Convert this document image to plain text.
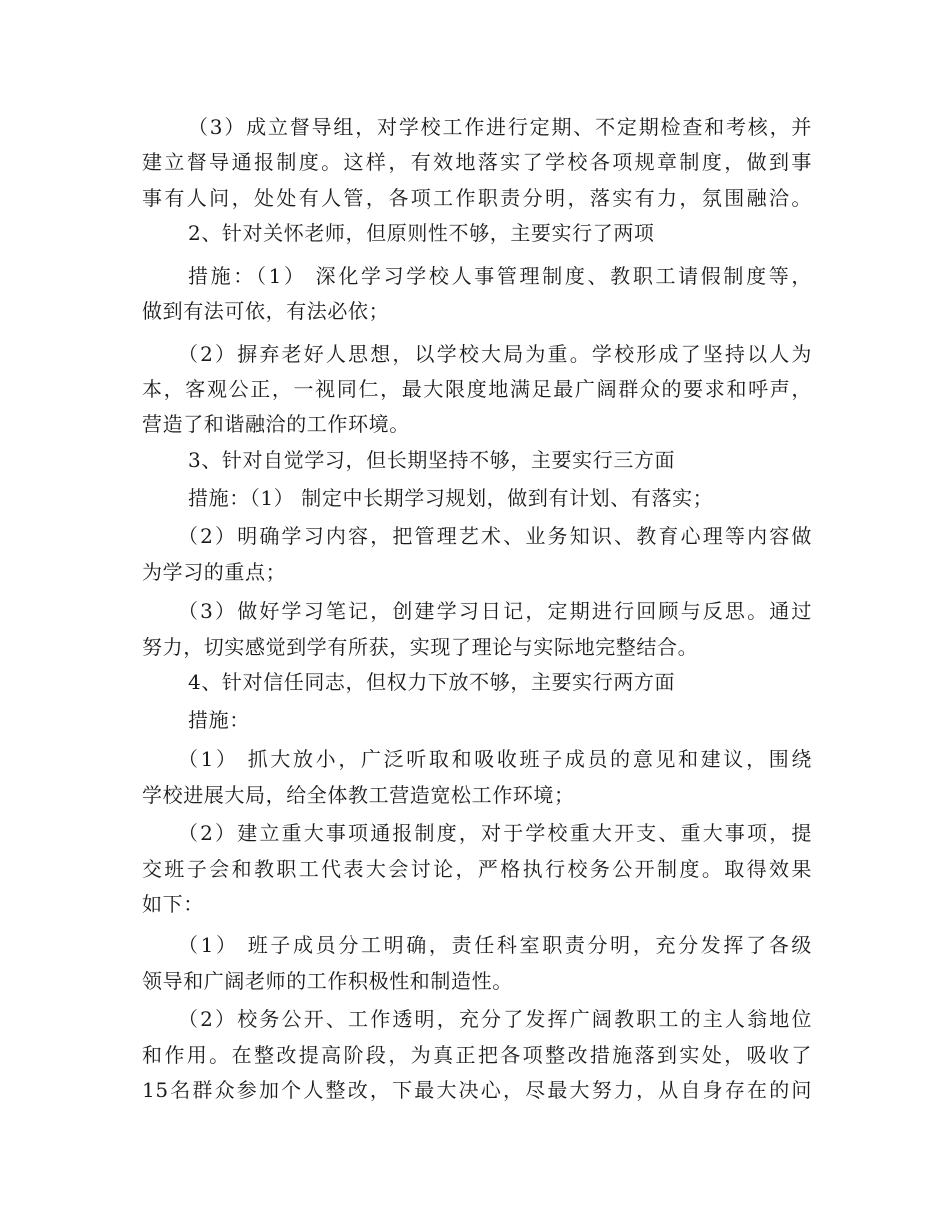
（3）成立督导组，对学校工作进行定期、不定期检查和考核，并
建立督导通报制度。这样，有效地落实了学校各项规章制度，做到事
事有人问，处处有人管，各项工作职责分明，落实有力，氛围融洽。
2、针对关怀老师，但原则性不够，主要实行了两项
措施：（1） 深化学习学校人事管理制度、教职工请假制度等，
做到有法可依，有法必依；
（2）摒弃老好人思想，以学校大局为重。学校形成了坚持以人为
本，客观公正，一视同仁，最大限度地满足最广阔群众的要求和呼声，
营造了和谐融洽的工作环境。
3、针对自觉学习，但长期坚持不够，主要实行三方面
措施：（1） 制定中长期学习规划，做到有计划、有落实；
（2）明确学习内容，把管理艺术、业务知识、教育心理等内容做
为学习的重点；
（3）做好学习笔记，创建学习日记，定期进行回顾与反思。通过
努力，切实感觉到学有所获，实现了理论与实际地完整结合。
4、针对信任同志，但权力下放不够，主要实行两方面
措施：
（1） 抓大放小，广泛听取和吸收班子成员的意见和建议，围绕
学校进展大局，给全体教工营造宽松工作环境；
（2）建立重大事项通报制度，对于学校重大开支、重大事项，提
交班子会和教职工代表大会讨论，严格执行校务公开制度。取得效果
如下：
（1） 班子成员分工明确，责任科室职责分明，充分发挥了各级
领导和广阔老师的工作积极性和制造性。
（2）校务公开、工作透明，充分了发挥广阔教职工的主人翁地位
和作用。在整改提高阶段，为真正把各项整改措施落到实处，吸收了
15名群众参加个人整改，下最大决心，尽最大努力，从自身存在的问
